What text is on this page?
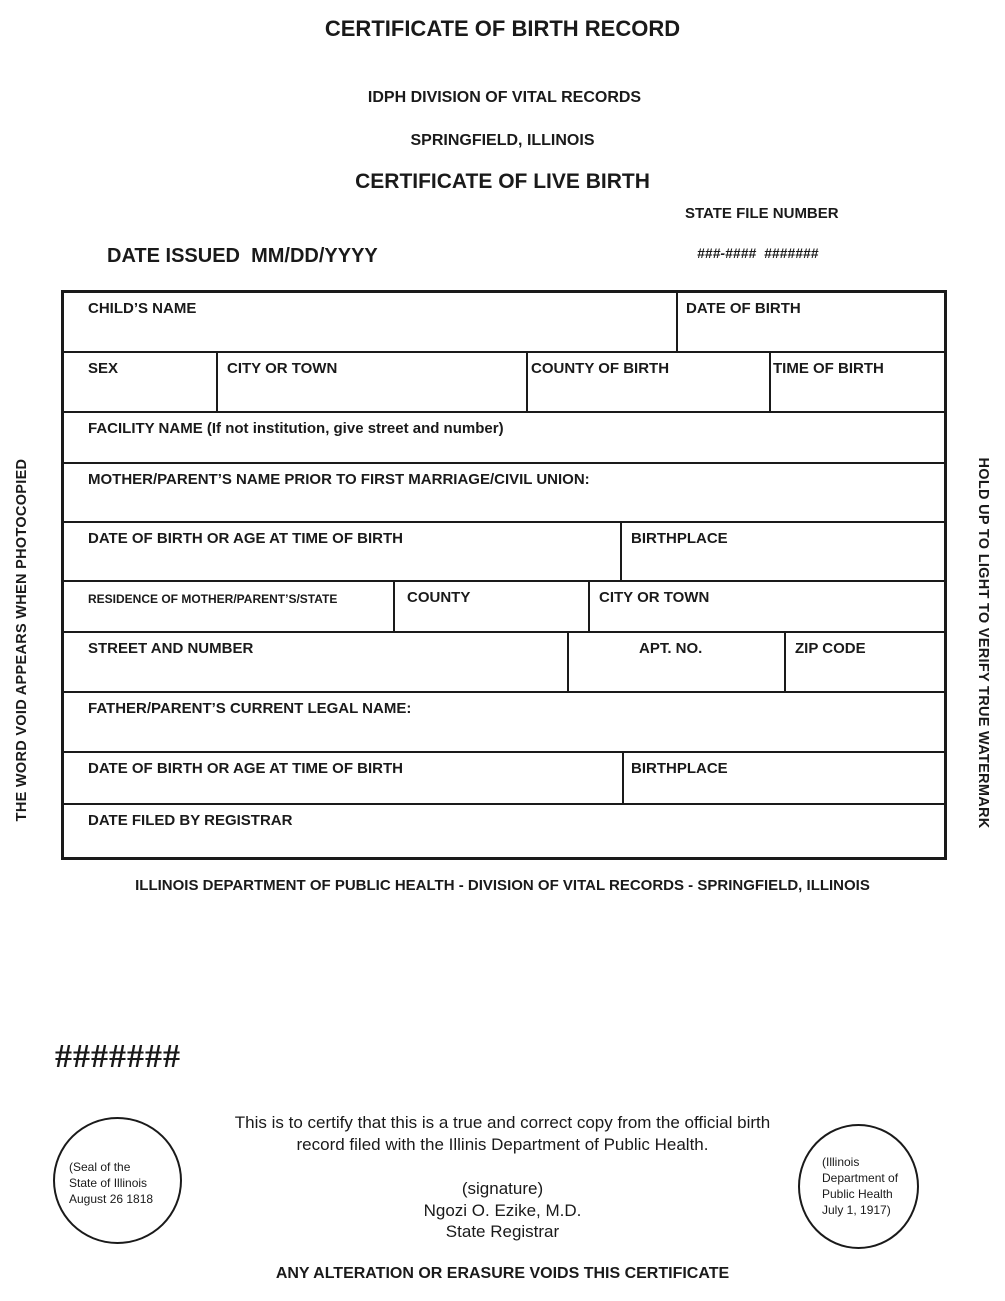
CERTIFICATE OF BIRTH RECORD
IDPH DIVISION OF VITAL RECORDS
SPRINGFIELD, ILLINOIS
CERTIFICATE OF LIVE BIRTH
STATE FILE NUMBER
###-####  #######
DATE ISSUED  MM/DD/YYYY
CHILD’S NAME	DATE OF BIRTH
SEX	CITY OR TOWN	COUNTY OF BIRTH	TIME OF BIRTH
FACILITY NAME (If not institution, give street and number)
MOTHER/PARENT’S NAME PRIOR TO FIRST MARRIAGE/CIVIL UNION:
DATE OF BIRTH OR AGE AT TIME OF BIRTH	BIRTHPLACE
RESIDENCE OF MOTHER/PARENT’S/STATE	COUNTY	CITY OR TOWN
STREET AND NUMBER	APT. NO.	ZIP CODE
FATHER/PARENT’S CURRENT LEGAL NAME:
DATE OF BIRTH OR AGE AT TIME OF BIRTH	BIRTHPLACE
DATE FILED BY REGISTRAR
THE WORD VOID APPEARS WHEN PHOTOCOPIED	HOLD UP TO LIGHT TO VERIFY TRUE WATERMARK
ILLINOIS DEPARTMENT OF PUBLIC HEALTH - DIVISION OF VITAL RECORDS - SPRINGFIELD, ILLINOIS
#######
This is to certify that this is a true and correct copy from the official birth
record filed with the Illinis Department of Public Health.
(signature)
Ngozi O. Ezike, M.D.
State Registrar
(Seal of the
State of Illinois
August 26 1818
(Illinois
Department of
Public Health
July 1, 1917)
ANY ALTERATION OR ERASURE VOIDS THIS CERTIFICATE
